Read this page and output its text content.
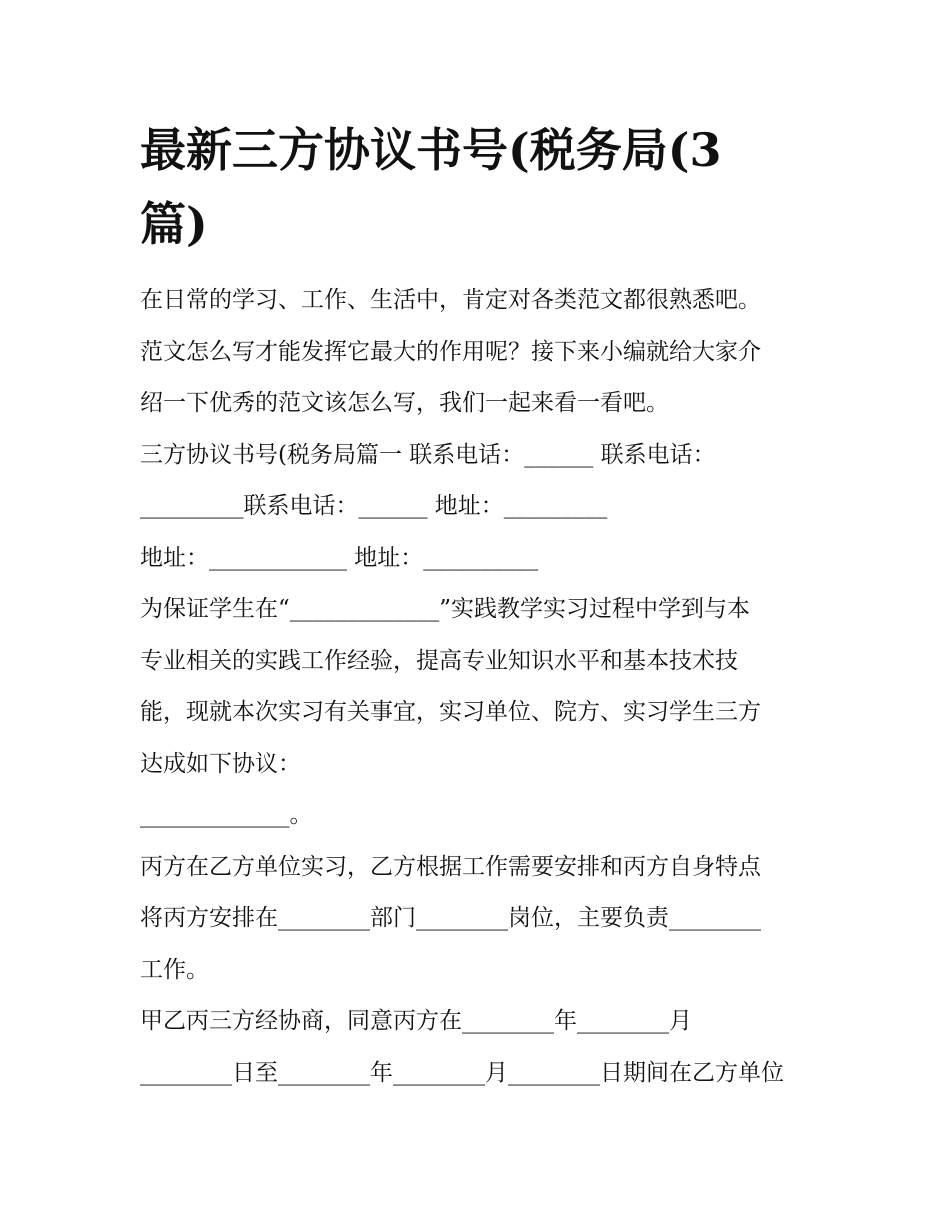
最新三方协议书号(税务局(3
篇)
在日常的学习、工作、生活中，肯定对各类范文都很熟悉吧。
范文怎么写才能发挥它最大的作用呢？接下来小编就给大家介
绍一下优秀的范文该怎么写，我们一起来看一看吧。
三方协议书号(税务局篇一 联系电话：______ 联系电话：
_________联系电话：______ 地址：_________
地址：____________ 地址：__________
为保证学生在“_____________”实践教学实习过程中学到与本
专业相关的实践工作经验，提高专业知识水平和基本技术技
能，现就本次实习有关事宜，实习单位、院方、实习学生三方
达成如下协议：
_____________。
丙方在乙方单位实习，乙方根据工作需要安排和丙方自身特点
将丙方安排在________部门________岗位，主要负责________
工作。
甲乙丙三方经协商，同意丙方在________年________月
________日至________年________月________日期间在乙方单位
